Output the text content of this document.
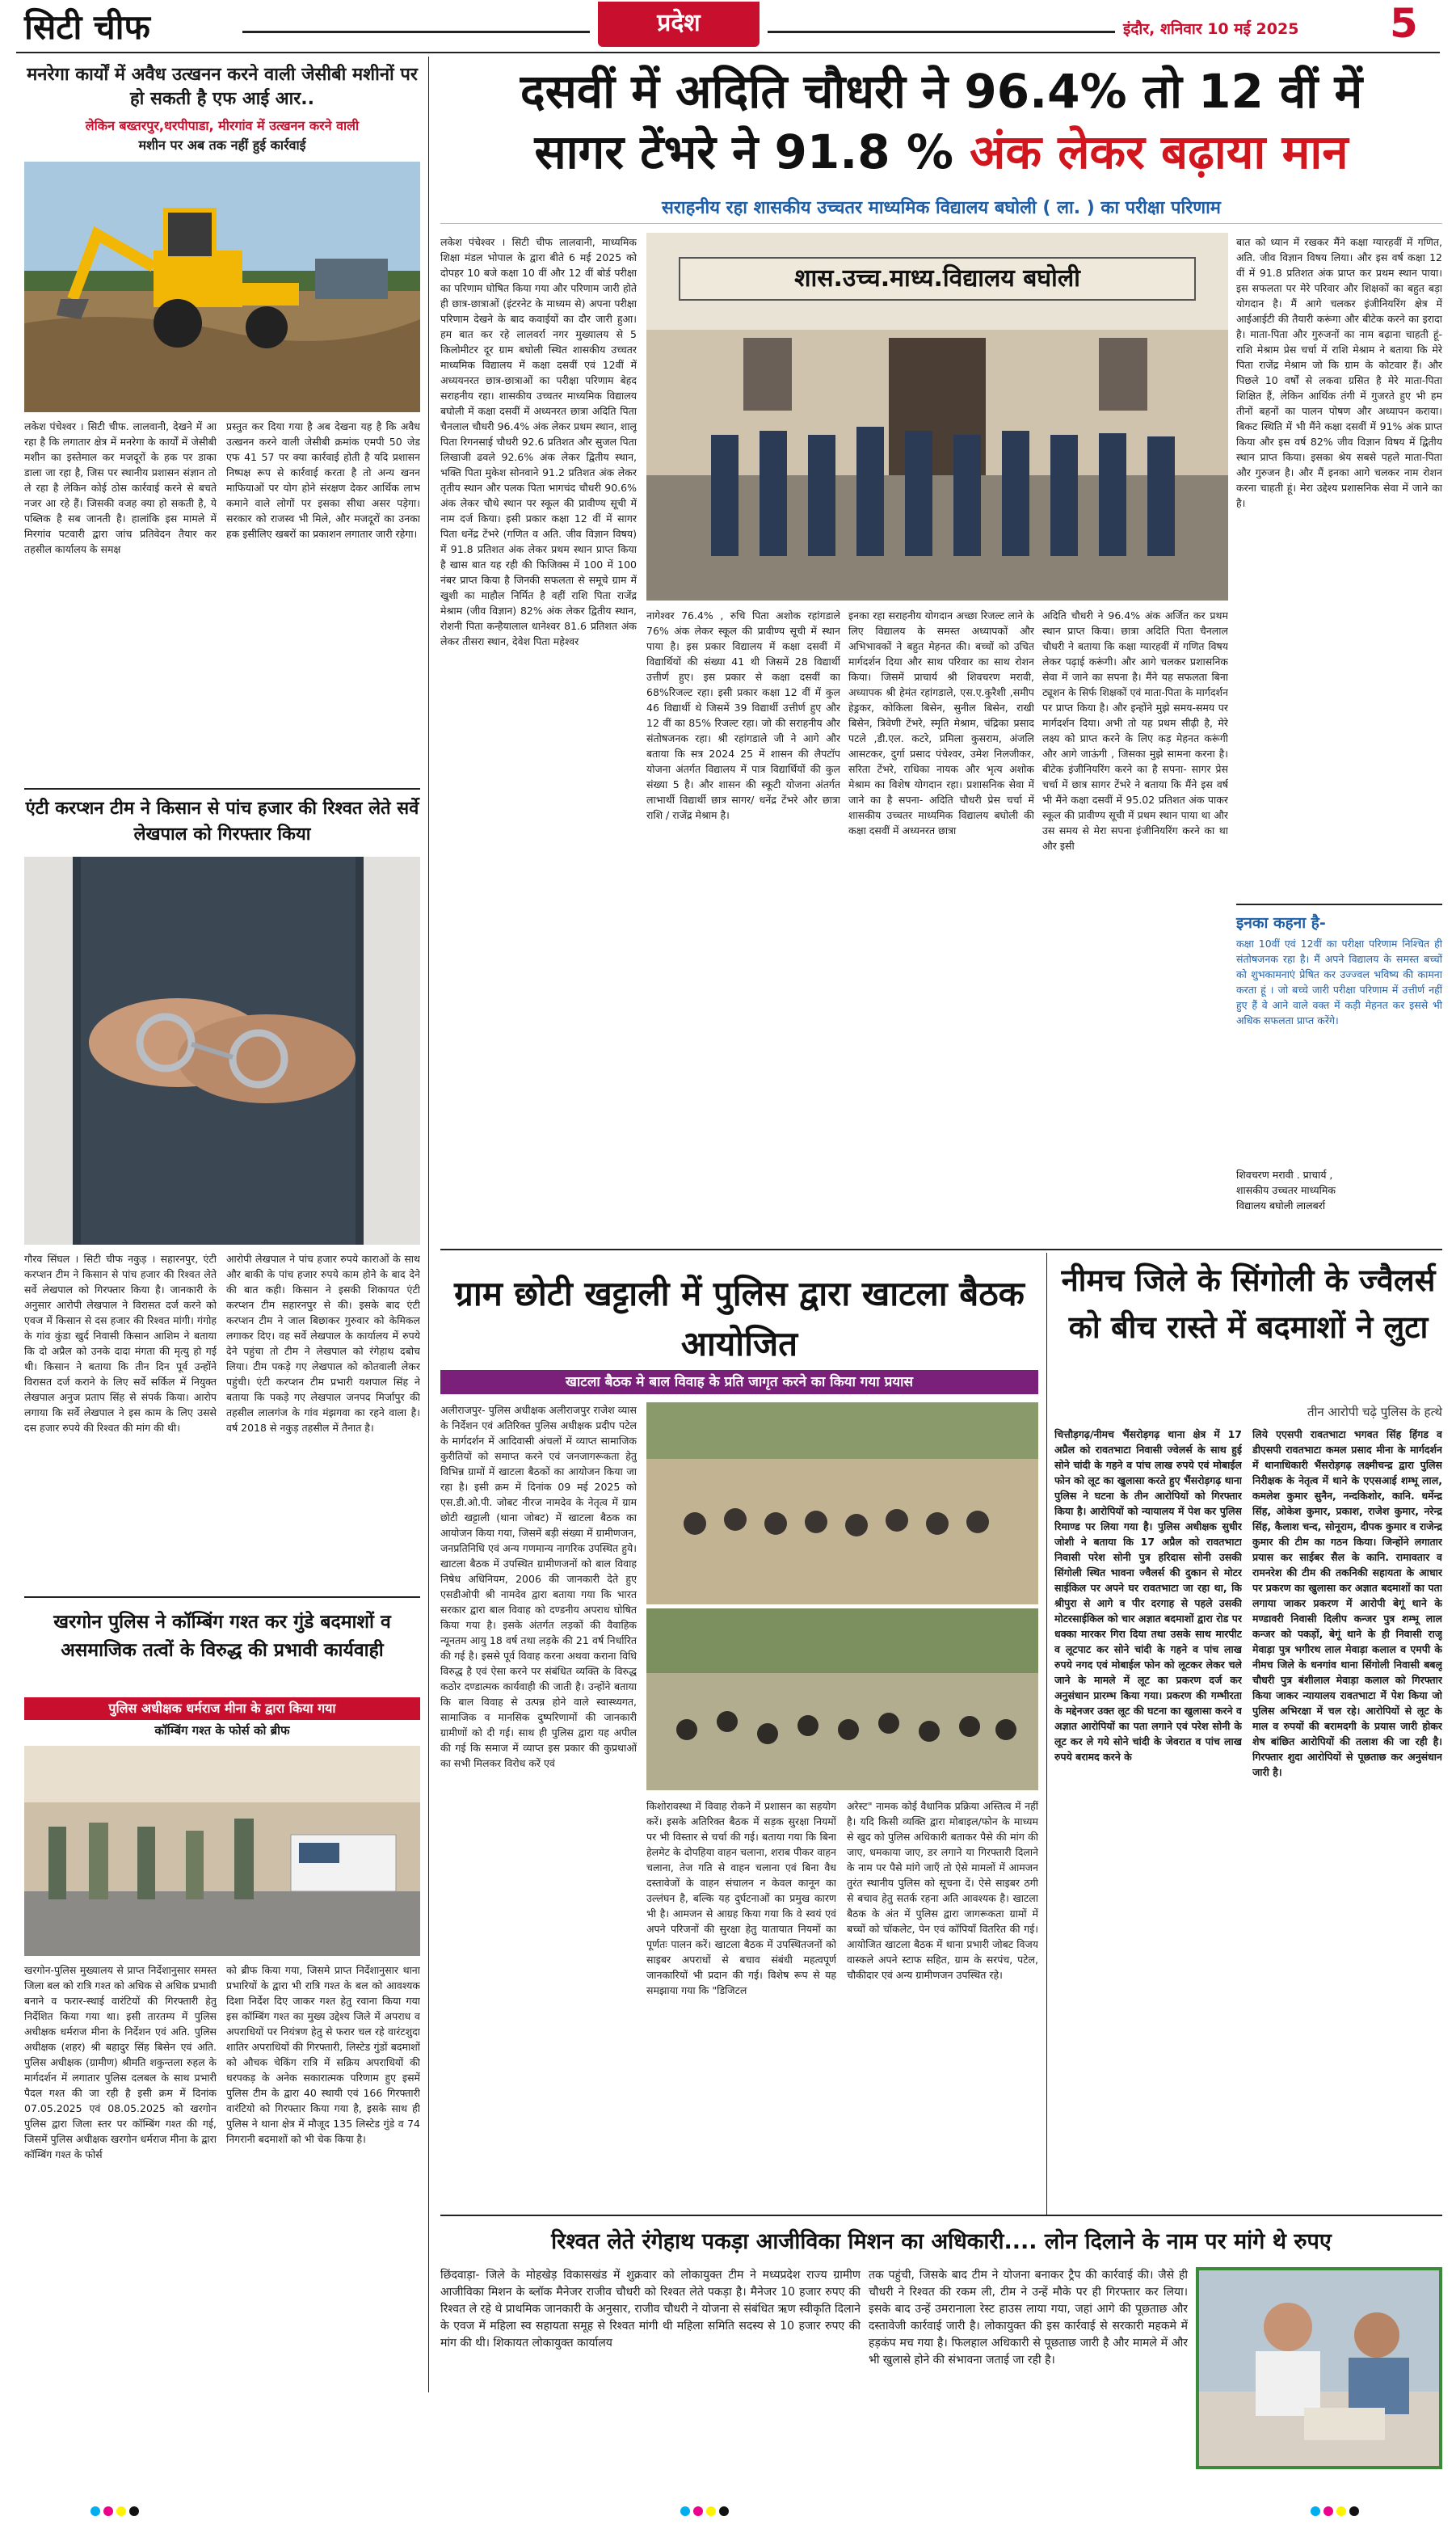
सिटी चीफ	प्रदेश	इंदौर, शनिवार 10 मई 2025 5
मनरेगा कार्यों में अवैध उत्खनन करने वाली जेसीबी मशीनों पर हो सकती है एफ आई आर..
लेकिन बख्तरपुर,धरपीपाडा, मीरगांव में उत्खनन करने वाली
मशीन पर अब तक नहीं हुई कार्रवाई
लकेश पंचेश्वर । सिटी चीफ. लालवानी, देखने में आ रहा है कि लगातार क्षेत्र में मनरेगा के कार्यों में जेसीबी मशीन का इस्तेमाल कर मजदूरों के हक पर डाका डाला जा रहा है, जिस पर स्थानीय प्रशासन संज्ञान तो ले रहा है लेकिन कोई ठोस कार्रवाई करने से बचते नजर आ रहे हैं। जिसकी वजह क्या हो सकती है, ये पब्लिक है सब जानती है। हालांकि इस मामले में मिरगांव पटवारी द्वारा जांच प्रतिवेदन तैयार कर तहसील कार्यालय के समक्ष
प्रस्तुत कर दिया गया है अब देखना यह है कि अवैध उत्खनन करने वाली जेसीबी क्रमांक एमपी 50 जेड एफ 41 57 पर क्या कार्रवाई होती है यदि प्रशासन निष्पक्ष रूप से कार्रवाई करता है तो अन्य खनन माफियाओं पर योग होने संरक्षण देकर आर्थिक लाभ कमाने वाले लोगों पर इसका सीधा असर पड़ेगा। सरकार को राजस्व भी मिले, और मजदूरों का उनका हक इसीलिए खबरों का प्रकाशन लगातार जारी रहेगा।
एंटी करप्शन टीम ने किसान से पांच हजार की रिश्वत लेते सर्वे लेखपाल को गिरफ्तार किया
गौरव सिंघल । सिटी चीफ नकुड़ । सहारनपुर, एंटी करप्शन टीम ने किसान से पांच हजार की रिश्वत लेते सर्वे लेखपाल को गिरफ्तार किया है। जानकारी के अनुसार आरोपी लेखपाल ने विरासत दर्ज करने को एवज में किसान से दस हजार की रिश्वत मांगी। गंगोह के गांव कुंडा खुर्द निवासी किसान आशिम ने बताया कि दो अप्रैल को उनके दादा मंगता की मृत्यु हो गई थी। किसान ने बताया कि तीन दिन पूर्व उन्होंने विरासत दर्ज कराने के लिए सर्वे सर्किल में नियुक्त लेखपाल अनुज प्रताप सिंह से संपर्क किया। आरोप लगाया कि सर्वे लेखपाल ने इस काम के लिए उससे दस हजार रुपये की रिश्वत की मांग की थी।
आरोपी लेखपाल ने पांच हजार रुपये काराओं के साथ और बाकी के पांच हजार रुपये काम होने के बाद देने की बात कही। किसान ने इसकी शिकायत एंटी करप्शन टीम सहारनपुर से की। इसके बाद एंटी करप्शन टीम ने जाल बिछाकर गुरुवार को केमिकल लगाकर दिए। वह सर्वे लेखपाल के कार्यालय में रुपये देने पहुंचा तो टीम ने लेखपाल को रंगेहाथ दबोच लिया। टीम पकड़े गए लेखपाल को कोतवाली लेकर पहुंची। एंटी करप्शन टीम प्रभारी यशपाल सिंह ने बताया कि पकड़े गए लेखपाल जनपद मिर्जापुर की तहसील लालगंज के गांव मंझगवा का रहने वाला है। वर्ष 2018 से नकुड़ तहसील में तैनात है।
खरगोन पुलिस ने कॉम्बिंग गश्त कर गुंडे बदमाशों व असमाजिक तत्वों के विरुद्ध की प्रभावी कार्यवाही
पुलिस अधीक्षक धर्मराज मीना के द्वारा किया गया
कॉम्बिंग गश्त के फोर्स को ब्रीफ
खरगोन-पुलिस मुख्यालय से प्राप्त निर्देशानुसार समस्त जिला बल को रात्रि गश्त को अधिक से अधिक प्रभावी बनाने व फरार-स्थाई वारंटियों की गिरफ्तारी हेतु निर्देशित किया गया था। इसी तारतम्य में पुलिस अधीक्षक धर्मराज मीना के निर्देशन एवं अति. पुलिस अधीक्षक (शहर) श्री बहादुर सिंह बिसेन एवं अति. पुलिस अधीक्षक (ग्रामीण) श्रीमति शकुन्तला रुहल के मार्गदर्शन में लगातार पुलिस दलबल के साथ प्रभारी पैदल गश्त की जा रही है इसी क्रम में दिनांक 07.05.2025 एवं 08.05.2025 को खरगोन पुलिस द्वारा जिला स्तर पर कॉम्बिंग गश्त की गई, जिसमें पुलिस अधीक्षक खरगोन धर्मराज मीना के द्वारा कॉम्बिंग गश्त के फोर्स
को ब्रीफ किया गया, जिसमे प्राप्त निर्देशानुसार थाना प्रभारियों के द्वारा भी रात्रि गश्त के बल को आवश्यक दिशा निर्देश दिए जाकर गश्त हेतु रवाना किया गया इस कॉम्बिंग गश्त का मुख्य उद्देश्य जिले में अपराध व अपराधियों पर नियंत्रण हेतु से फरार चल रहे वारंटशुदा शातिर अपराधियों की गिरफ्तारी, लिस्टेड गुंडों बदमाशों को औचक चेकिंग रात्रि में सक्रिय अपराधियों की धरपकड़ के अनेक सकारात्मक परिणाम हुए इसमें पुलिस टीम के द्वारा 40 स्थायी एवं 166 गिरफ्तारी वारंटियो को गिरफ्तार किया गया है, इसके साथ ही पुलिस ने थाना क्षेत्र में मौजूद 135 लिस्टेड गुंडे व 74 निगरानी बदमाशों को भी चेक किया है।
दसवीं में अदिति चौधरी ने 96.4% तो 12 वीं में
सागर टेंभरे ने 91.8 % अंक लेकर बढ़ाया मान
सराहनीय रहा शासकीय उच्चतर माध्यमिक विद्यालय बघोली ( ला. ) का परीक्षा परिणाम
शास.उच्च.माध्य.विद्यालय बघोली
लकेश पंचेश्वर । सिटी चीफ लालवानी, माध्यमिक शिक्षा मंडल भोपाल के द्वारा बीते 6 मई 2025 को दोपहर 10 बजे कक्षा 10 वीं और 12 वीं बोर्ड परीक्षा का परिणाम घोषित किया गया और परिणाम जारी होते ही छात्र-छात्राओं (इंटरनेट के माध्यम से) अपना परीक्षा परिणाम देखने के बाद कवाईयों का दौर जारी हुआ। हम बात कर रहे लालवर्रा नगर मुख्यालय से 5 किलोमीटर दूर ग्राम बघोली स्थित शासकीय उच्चतर माध्यमिक विद्यालय में कक्षा दसवीं एवं 12वीं में अध्ययनरत छात्र-छात्राओं का परीक्षा परिणाम बेहद सराहनीय रहा। शासकीय उच्चतर माध्यमिक विद्यालय बघोली में कक्षा दसवीं में अध्यनरत छात्रा अदिति पिता चैनलाल चौधरी 96.4% अंक लेकर प्रथम स्थान, शालू पिता रिगनसाई चौधरी 92.6 प्रतिशत और सुजल पिता लिखाजी ढवले 92.6% अंक लेकर द्वितीय स्थान, भक्ति पिता मुकेश सोनवाने 91.2 प्रतिशत अंक लेकर तृतीय स्थान और पलक पिता भागचंद चौधरी 90.6% अंक लेकर चौथे स्थान पर स्कूल की प्रावीण्य सूची में नाम दर्ज किया। इसी प्रकार कक्षा 12 वीं में सागर पिता धनेंद्र टेंभरे (गणित व अति. जीव विज्ञान विषय) में 91.8 प्रतिशत अंक लेकर प्रथम स्थान प्राप्त किया है खास बात यह रही की फिजिक्स में 100 में 100 नंबर प्राप्त किया है जिनकी सफलता से समूचे ग्राम में खुशी का माहौल निर्मित है वहीं राशि पिता राजेंद्र मेश्राम (जीव विज्ञान) 82% अंक लेकर द्वितीय स्थान, रोशनी पिता कन्हैयालाल धानेश्वर 81.6 प्रतिशत अंक लेकर तीसरा स्थान, देवेश पिता महेश्वर
नागेश्वर 76.4% , रुचि पिता अशोक रहांगडाले 76% अंक लेकर स्कूल की प्रावीण्य सूची में स्थान पाया है। इस प्रकार विद्यालय में कक्षा दसवीं में विद्यार्थियों की संख्या 41 थी जिसमें 28 विद्यार्थी उत्तीर्ण हुए। इस प्रकार से कक्षा दसवीं का 68%रिजल्ट रहा। इसी प्रकार कक्षा 12 वीं में कुल 46 विद्यार्थी थे जिसमें 39 विद्यार्थी उत्तीर्ण हुए और 12 वीं का 85% रिजल्ट रहा। जो की सराहनीय और संतोषजनक रहा। श्री रहांगडाले जी ने आगे और बताया कि सत्र 2024 25 में शासन की लैपटॉप योजना अंतर्गत विद्यालय में पात्र विद्यार्थियों की कुल संख्या 5 है। और शासन की स्कूटी योजना अंतर्गत लाभार्थी विद्यार्थी छात्र सागर/ धनेंद्र टेंभरे और छात्रा राशि / राजेंद्र मेश्राम है।
इनका रहा सराहनीय योगदान अच्छा रिजल्ट लाने के लिए विद्यालय के समस्त अध्यापकों और अभिभावकों ने बहुत मेहनत की। बच्चों को उचित मार्गदर्शन दिया और साथ परिवार का साथ रोशन किया। जिसमें प्राचार्य श्री शिवचरण मरावी, अध्यापक श्री हेमंत रहांगडाले, एस.ए.कुरैशी ,समीप हेड्रकर, कोकिला बिसेन, सुनील बिसेन, राखी बिसेन, त्रिवेणी टेंभरे, स्मृति मेश्राम, चंद्रिका प्रसाद पटले ,डी.एल. कटरे, प्रमिला कुसराम, अंजलि आसटकर, दुर्गा प्रसाद पंचेश्वर, उमेश निलजीकर, सरिता टेंभरे, राधिका नायक और भृत्य अशोक मेश्राम का विशेष योगदान रहा। प्रशासनिक सेवा में जाने का है सपना- अदिति चौधरी प्रेस चर्चा में शासकीय उच्चतर माध्यमिक विद्यालय बघोली की कक्षा दसवीं में अध्यनरत छात्रा
अदिति चौधरी ने 96.4% अंक अर्जित कर प्रथम स्थान प्राप्त किया। छात्रा अदिति पिता चैनलाल चौधरी ने बताया कि कक्षा ग्यारहवीं में गणित विषय लेकर पढ़ाई करूंगी। और आगे चलकर प्रशासनिक सेवा में जाने का सपना है। मैंने यह सफलता बिना ट्यूशन के सिर्फ शिक्षकों एवं माता-पिता के मार्गदर्शन पर प्राप्त किया है। और इन्होंने मुझे समय-समय पर मार्गदर्शन दिया। अभी तो यह प्रथम सीढ़ी है, मेरे लक्ष्य को प्राप्त करने के लिए कड़ मेहनत करूंगी और आगे जाऊंगी , जिसका मुझे सामना करना है। बीटेक इंजीनियरिंग करने का है सपना- सागर प्रेस चर्चा में छात्र सागर टेंभरे ने बताया कि मैंने इस वर्ष भी मैंने कक्षा दसवीं में 95.02 प्रतिशत अंक पाकर स्कूल की प्रावीण्य सूची में प्रथम स्थान पाया था और उस समय से मेरा सपना इंजीनियरिंग करने का था और इसी
बात को ध्यान में रखकर मैंने कक्षा ग्यारहवीं में गणित, अति. जीव विज्ञान विषय लिया। और इस वर्ष कक्षा 12 वीं में 91.8 प्रतिशत अंक प्राप्त कर प्रथम स्थान पाया। इस सफलता पर मेरे परिवार और शिक्षकों का बहुत बड़ा योगदान है। मैं आगे चलकर इंजीनियरिंग क्षेत्र में आईआईटी की तैयारी करूंगा और बीटेक करने का इरादा है। माता-पिता और गुरुजनों का नाम बढ़ाना चाहती हूं-राशि मेश्राम प्रेस चर्चा में राशि मेश्राम ने बताया कि मेरे पिता राजेंद्र मेश्राम जो कि ग्राम के कोटवार हैं। और पिछले 10 वर्षों से लकवा ग्रसित है मेरे माता-पिता शिक्षित हैं, लेकिन आर्थिक तंगी में गुजरते हुए भी हम तीनों बहनों का पालन पोषण और अध्यापन कराया। बिकट स्थिति में भी मैंने कक्षा दसवीं में 91% अंक प्राप्त किया और इस वर्ष 82% जीव विज्ञान विषय में द्वितीय स्थान प्राप्त किया। इसका श्रेय सबसे पहले माता-पिता और गुरुजन है। और मैं इनका आगे चलकर नाम रोशन करना चाहती हूं। मेरा उद्देश्य प्रशासनिक सेवा में जाने का है।
इनका कहना है-
कक्षा 10वीं एवं 12वीं का परीक्षा परिणाम निश्चित ही संतोषजनक रहा है। मैं अपने विद्यालय के समस्त बच्चों को शुभकामनाएं प्रेषित कर उज्ज्वल भविष्य की कामना करता हूं । जो बच्चे जारी परीक्षा परिणाम में उत्तीर्ण नहीं हुए हैं वे आने वाले वक्त में कड़ी मेहनत कर इससे भी अधिक सफलता प्राप्त करेंगे।
शिवचरण मरावी . प्राचार्य ,
शासकीय उच्चतर माध्यमिक
विद्यालय बघोली लालबर्रा
ग्राम छोटी खट्टाली में पुलिस द्वारा खाटला बैठक आयोजित
खाटला बैठक मे बाल विवाह के प्रति जागृत करने का किया गया प्रयास
अलीराजपुर- पुलिस अधीक्षक अलीराजपुर राजेश व्यास के निर्देशन एवं अतिरिक्त पुलिस अधीक्षक प्रदीप पटेल के मार्गदर्शन में आदिवासी अंचलों में व्याप्त सामाजिक कुरीतियों को समाप्त करने एवं जनजागरूकता हेतु विभिन्न ग्रामों में खाटला बैठकों का आयोजन किया जा रहा है। इसी क्रम में दिनांक 09 मई 2025 को एस.डी.ओ.पी. जोबट नीरज नामदेव के नेतृत्व में ग्राम छोटी खट्टाली (थाना जोबट) में खाटला बैठक का आयोजन किया गया, जिसमें बड़ी संख्या में ग्रामीणजन, जनप्रतिनिधि एवं अन्य गणमान्य नागरिक उपस्थित हुये। खाटला बैठक में उपस्थित ग्रामीणजनों को बाल विवाह निषेध अधिनियम, 2006 की जानकारी देते हुए एसडीओपी श्री नामदेव द्वारा बताया गया कि भारत सरकार द्वारा बाल विवाह को दण्डनीय अपराध घोषित किया गया है। इसके अंतर्गत लड़कों की वैवाहिक न्यूनतम आयु 18 वर्ष तथा लड़के की 21 वर्ष निर्धारित की गई है। इससे पूर्व विवाह करना अथवा कराना विधि विरुद्ध है एवं ऐसा करने पर संबंधित व्यक्ति के विरुद्ध कठोर दण्डात्मक कार्यवाही की जाती है। उन्होंने बताया कि बाल विवाह से उत्पन्न होने वाले स्वास्थ्यगत, सामाजिक व मानसिक दुष्परिणामों की जानकारी ग्रामीणों को दी गई। साथ ही पुलिस द्वारा यह अपील की गई कि समाज में व्याप्त इस प्रकार की कुप्रथाओं का सभी मिलकर विरोध करें एवं
किशोरावस्था में विवाह रोकने में प्रशासन का सहयोग करें। इसके अतिरिक्त बैठक में सड़क सुरक्षा नियमों पर भी विस्तार से चर्चा की गई। बताया गया कि बिना हेलमेट के दोपहिया वाहन चलाना, शराब पीकर वाहन चलाना, तेज गति से वाहन चलाना एवं बिना वैध दस्तावेजों के वाहन संचालन न केवल कानून का उल्लंघन है, बल्कि यह दुर्घटनाओं का प्रमुख कारण भी है। आमजन से आग्रह किया गया कि वे स्वयं एवं अपने परिजनों की सुरक्षा हेतु यातायात नियमों का पूर्णतः पालन करें। खाटला बैठक में उपस्थितजनों को साइबर अपराधों से बचाव संबंधी महत्वपूर्ण जानकारियों भी प्रदान की गई। विशेष रूप से यह समझाया गया कि "डिजिटल
अरेस्ट" नामक कोई वैधानिक प्रक्रिया अस्तित्व में नहीं है। यदि किसी व्यक्ति द्वारा मोबाइल/फोन के माध्यम से खुद को पुलिस अधिकारी बताकर पैसे की मांग की जाए, धमकाया जाए, डर लगाने या गिरफ्तारी दिलाने के नाम पर पैसे मांगे जाएँ तो ऐसे मामलों में आमजन तुरंत स्थानीय पुलिस को सूचना दें। ऐसे साइबर ठगी से बचाव हेतु सतर्क रहना अति आवश्यक है। खाटला बैठक के अंत में पुलिस द्वारा जागरूकता ग्रामों में बच्चों को चॉकलेट, पेन एवं कॉपियाँ वितरित की गई। आयोजित खाटला बैठक में थाना प्रभारी जोबट विजय वास्कले अपने स्टाफ सहित, ग्राम के सरपंच, पटेल, चौकीदार एवं अन्य ग्रामीणजन उपस्थित रहे।
नीमच जिले के सिंगोली के ज्वैलर्स को बीच रास्ते में बदमाशों ने लुटा
तीन आरोपी चढ़े पुलिस के हत्थे
चित्तौड़गढ़/नीमच भैंसरोड़गढ़ थाना क्षेत्र में 17 अप्रैल को रावतभाटा निवासी ज्वेलर्स के साथ हुई सोने चांदी के गहने व पांच लाख रुपये एवं मोबाईल फोन को लूट का खुलासा करते हुए भैंसरोड़गढ़ थाना पुलिस ने घटना के तीन आरोपियों को गिरफ्तार किया है। आरोपियों को न्यायालय में पेश कर पुलिस रिमाण्ड पर लिया गया है। पुलिस अधीक्षक सुधीर जोशी ने बताया कि 17 अप्रैल को रावतभाटा निवासी परेश सोनी पुत्र हरिदास सोनी उसकी सिंगोली स्थित भावना ज्वैलर्स की दुकान से मोटर साईकिल पर अपने घर रावतभाटा जा रहा था, कि श्रीपुरा से आगे व पीर दरगाह से पहले उसकी मोटरसाईकिल को चार अज्ञात बदमाशों द्वारा रोड पर धक्का मारकर गिरा दिया तथा उसके साथ मारपीट व लूटपाट कर सोने चांदी के गहने व पांच लाख रुपये नगद एवं मोबाईल फोन को लूटकर लेकर चले जाने के मामले में लूट का प्रकरण दर्ज कर अनुसंधान प्रारम्भ किया गया। प्रकरण की गम्भीरता के मद्देनजर उक्त लूट की घटना का खुलासा करने व अज्ञात आरोपियों का पता लगाने एवं परेश सोनी के लूट कर ले गये सोने चांदी के जेवरात व पांच लाख रुपये बरामद करने के
लिये एएसपी रावतभाटा भगवत सिंह हिंगड व डीएसपी रावतभाटा कमल प्रसाद मीना के मार्गदर्शन में थानाधिकारी भैंसरोड़गढ़ लक्ष्मीचन्द्र द्वारा पुलिस निरीक्षक के नेतृत्व में थाने के एएसआई शम्भू लाल, कमलेश कुमार सुनैन, नन्दकिशोर, कानि. धर्मेन्द्र सिंह, ओकेश कुमार, प्रकाश, राजेश कुमार, नरेन्द्र सिंह, कैलाश चन्द, सोनूराम, दीपक कुमार व राजेन्द्र कुमार की टीम का गठन किया। जिन्होंने लगातार प्रयास कर साईबर सैल के कानि. रामावतार व रामनरेश की टीम की तकनिकी सहायता के आधार पर प्रकरण का खुलासा कर अज्ञात बदमाशों का पता लगाया जाकर प्रकरण में आरोपी बेगूं थाने के मण्डावरी निवासी दिलीप कन्जर पुत्र शम्भू लाल कन्जर को पकड़ों, बेगूं थाने के ही निवासी राजू मेवाड़ा पुत्र भगीरथ लाल मेवाड़ा कलाल व एमपी के नीमच जिले के धनगांव थाना सिंगोली निवासी बबलू चौधरी पुत्र बंशीलाल मेवाड़ा कलाल को गिरफ्तार किया जाकर न्यायालय रावतभाटा में पेश किया जो पुलिस अभिरक्षा में चल रहे। आरोपियों से लूट के माल व रुपयों की बरामदगी के प्रयास जारी होकर शेष बांछित आरोपियों की तलाश की जा रही है। गिरफ्तार शुदा आरोपियों से पूछताछ कर अनुसंधान जारी है।
रिश्वत लेते रंगेहाथ पकड़ा आजीविका मिशन का अधिकारी.... लोन दिलाने के नाम पर मांगे थे रुपए
छिंदवाड़ा- जिले के मोहखेड़ विकासखंड में शुक्रवार को लोकायुक्त टीम ने मध्यप्रदेश राज्य ग्रामीण आजीविका मिशन के ब्लॉक मैनेजर राजीव चौधरी को रिश्वत लेते पकड़ा है। मैनेजर 10 हजार रुपए की रिश्वत ले रहे थे प्राथमिक जानकारी के अनुसार, राजीव चौधरी ने योजना से संबंधित ऋण स्वीकृति दिलाने के एवज में महिला स्व सहायता समूह से रिश्वत मांगी थी महिला समिति सदस्य से 10 हजार रुपए की मांग की थी। शिकायत लोकायुक्त कार्यालय
तक पहुंची, जिसके बाद टीम ने योजना बनाकर ट्रैप की कार्रवाई की। जैसे ही चौधरी ने रिश्वत की रकम ली, टीम ने उन्हें मौके पर ही गिरफ्तार कर लिया। इसके बाद उन्हें उमरानाला रेस्ट हाउस लाया गया, जहां आगे की पूछताछ और दस्तावेजी कार्रवाई जारी है। लोकायुक्त की इस कार्रवाई से सरकारी महकमे में हड़कंप मच गया है। फिलहाल अधिकारी से पूछताछ जारी है और मामले में और भी खुलासे होने की संभावना जताई जा रही है।
